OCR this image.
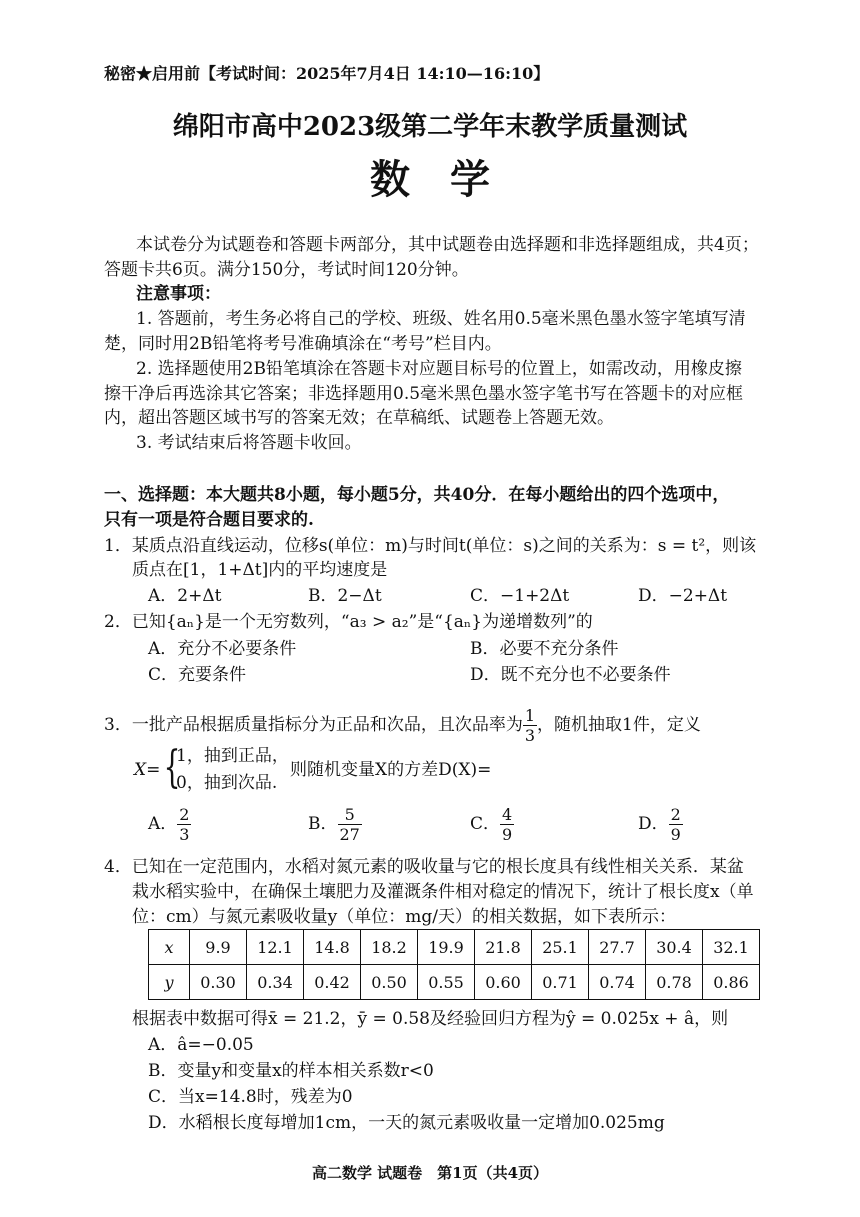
秘密★启用前【考试时间：2025年7月4日 14:10—16:10】
绵阳市高中2023级第二学年末教学质量测试
数学
本试卷分为试题卷和答题卡两部分，其中试题卷由选择题和非选择题组成，共4页；
答题卡共6页。满分150分，考试时间120分钟。
注意事项：
1. 答题前，考生务必将自己的学校、班级、姓名用0.5毫米黑色墨水签字笔填写清
楚，同时用2B铅笔将考号准确填涂在“考号”栏目内。
2. 选择题使用2B铅笔填涂在答题卡对应题目标号的位置上，如需改动，用橡皮擦
擦干净后再选涂其它答案；非选择题用0.5毫米黑色墨水签字笔书写在答题卡的对应框
内，超出答题区域书写的答案无效；在草稿纸、试题卷上答题无效。
3. 考试结束后将答题卡收回。
一、选择题：本大题共8小题，每小题5分，共40分．在每小题给出的四个选项中，
只有一项是符合题目要求的.
1．某质点沿直线运动，位移s(单位：m)与时间t(单位：s)之间的关系为：s = t²，则该
质点在[1，1+Δt]内的平均速度是
A．2+Δt	B．2−Δt	C．−1+2Δt	D．−2+Δt
2．已知{aₙ}是一个无穷数列，“a₃ > a₂”是“{aₙ}为递增数列”的
A．充分不必要条件	B．必要不充分条件
C．充要条件	D．既不充分也不必要条件
3．一批产品根据质量指标分为正品和次品，且次品率为 $\frac{1}{3}$ ，随机抽取1件，定义
X= {
1，抽到正品，
0，抽到次品.
则随机变量X的方差D(X)=
A． $\frac{2}{3}$	B． $\frac{5}{27}$	C． $\frac{4}{9}$	D． $\frac{2}{9}$
4．已知在一定范围内，水稻对氮元素的吸收量与它的根长度具有线性相关关系．某盆
栽水稻实验中，在确保土壤肥力及灌溉条件相对稳定的情况下，统计了根长度x（单
位：cm）与氮元素吸收量y（单位：mg/天）的相关数据，如下表所示：
x	9.9	12.1	14.8	18.2	19.9	21.8	25.1	27.7	30.4	32.1
y	0.30	0.34	0.42	0.50	0.55	0.60	0.71	0.74	0.78	0.86
根据表中数据可得x̄ = 21.2，ȳ = 0.58及经验回归方程为ŷ = 0.025x + â，则
A．â=−0.05
B．变量y和变量x的样本相关系数r<0
C．当x=14.8时，残差为0
D．水稻根长度每增加1cm，一天的氮元素吸收量一定增加0.025mg
高二数学 试题卷　第1页（共4页）
